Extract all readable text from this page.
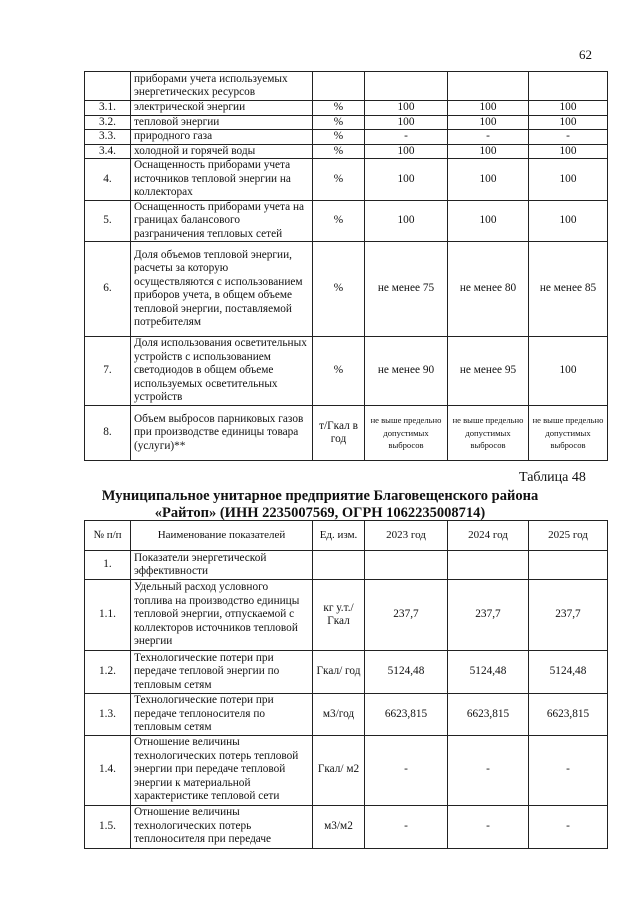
62
	приборами учета используемых энергетических ресурсов				
3.1.	электрической энергии	%	100	100	100
3.2.	тепловой энергии	%	100	100	100
3.3.	природного газа	%	-	-	-
3.4.	холодной и горячей воды	%	100	100	100
4.	Оснащенность приборами учета источников тепловой энергии на коллекторах	%	100	100	100
5.	Оснащенность приборами учета на границах балансового разграничения тепловых сетей	%	100	100	100
6.	Доля объемов тепловой энергии, расчеты за которую осуществляются с использованием приборов учета, в общем объеме тепловой энергии, поставляемой потребителям	%	не менее 75	не менее 80	не менее 85
7.	Доля использования осветительных устройств с использованием светодиодов в общем объеме используемых осветительных устройств	%	не менее 90	не менее 95	100
8.	Объем выбросов парниковых газов при производстве единицы товара (услуги)**	т/Гкал в год	не выше предельно допустимых выбросов	не выше предельно допустимых выбросов	не выше предельно допустимых выбросов
Таблица 48
Муниципальное унитарное предприятие Благовещенского района
«Райтоп» (ИНН 2235007569, ОГРН 1062235008714)
№ п/п	Наименование показателей	Ед. изм.	2023 год	2024 год	2025 год
1.	Показатели энергетической эффективности				
1.1.	Удельный расход условного топлива на производство единицы тепловой энергии, отпускаемой с коллекторов источников тепловой энергии	кг у.т./ Гкал	237,7	237,7	237,7
1.2.	Технологические потери при передаче тепловой энергии по тепловым сетям	Гкал/ год	5124,48	5124,48	5124,48
1.3.	Технологические потери при передаче теплоносителя по тепловым сетям	м3/год	6623,815	6623,815	6623,815
1.4.	Отношение величины технологических потерь тепловой энергии при передаче тепловой энергии к материальной характеристике тепловой сети	Гкал/ м2	-	-	-
1.5.	Отношение величины технологических потерь теплоносителя при передаче	м3/м2	-	-	-
